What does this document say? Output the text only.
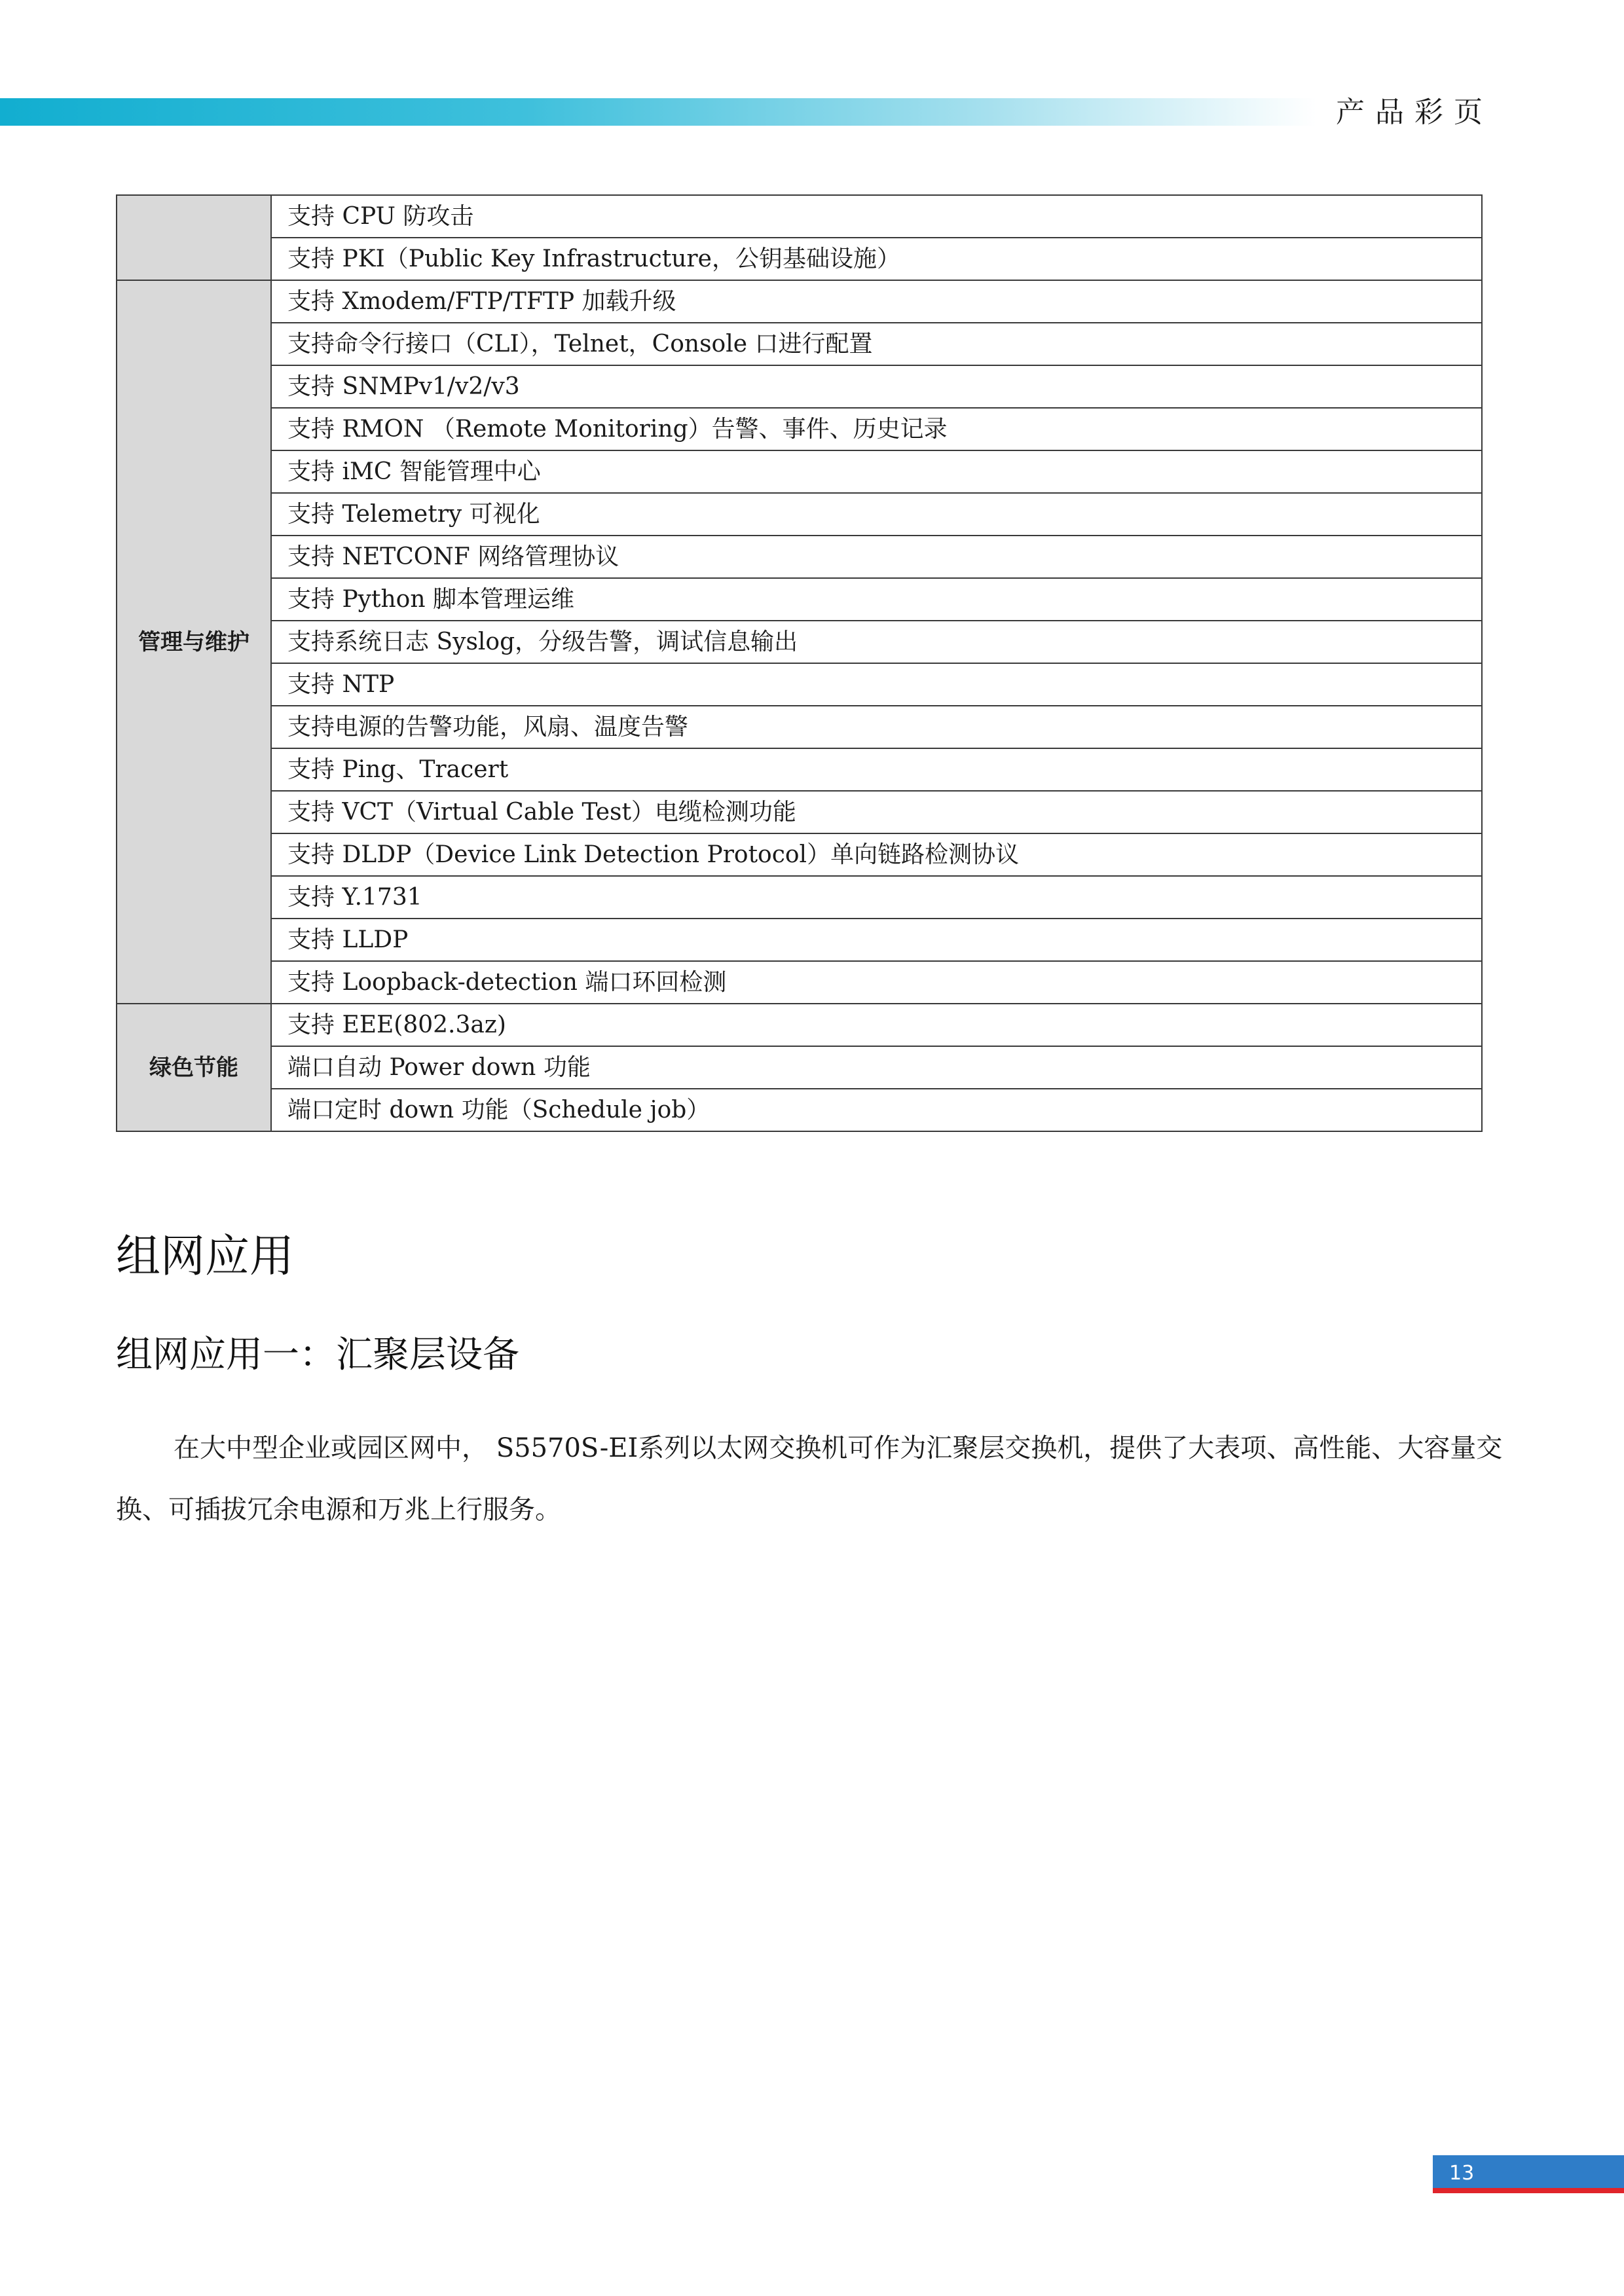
产品彩页
	支持 CPU 防攻击
	支持 PKI（Public Key Infrastructure，公钥基础设施）
管理与维护	支持 Xmodem/FTP/TFTP 加载升级
	支持命令行接口（CLI），Telnet，Console 口进行配置
	支持 SNMPv1/v2/v3
	支持 RMON （Remote Monitoring）告警、事件、历史记录
	支持 iMC 智能管理中心
	支持 Telemetry 可视化
	支持 NETCONF 网络管理协议
	支持 Python 脚本管理运维
	支持系统日志 Syslog，分级告警，调试信息输出
	支持 NTP
	支持电源的告警功能，风扇、温度告警
	支持 Ping、Tracert
	支持 VCT（Virtual Cable Test）电缆检测功能
	支持 DLDP（Device Link Detection Protocol）单向链路检测协议
	支持 Y.1731
	支持 LLDP
	支持 Loopback-detection 端口环回检测
绿色节能	支持 EEE(802.3az)
	端口自动 Power down 功能
	端口定时 down 功能（Schedule job）
组网应用
组网应用一：汇聚层设备

在大中型企业或园区网中， S5570S-EI系列以太网交换机可作为汇聚层交换机，提供了大表项、高性能、大容量交换、可插拔冗余电源和万兆上行服务。

13
